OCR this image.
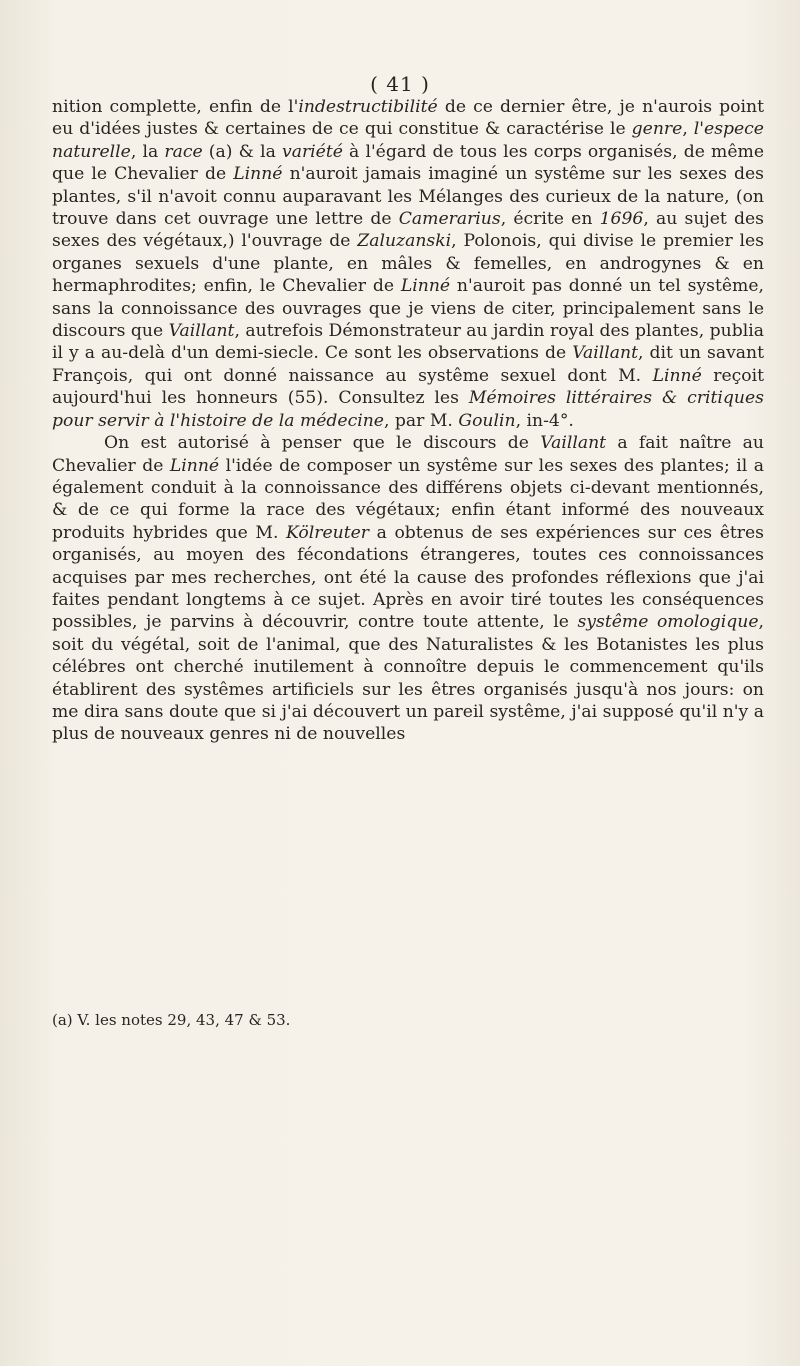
( 41 )

nition complette, enfin de l'indestructibilité de ce dernier être, je n'aurois point eu d'idées justes & certaines de ce qui constitue & caractérise le genre, l'espece naturelle, la race (a) & la variété à l'égard de tous les corps organisés, de même que le Chevalier de Linné n'auroit jamais imaginé un systême sur les sexes des plantes, s'il n'avoit connu auparavant les Mélanges des curieux de la nature, (on trouve dans cet ouvrage une lettre de Camerarius, écrite en 1696, au sujet des sexes des végétaux,) l'ouvrage de Zaluzanski, Polonois, qui divise le premier les organes sexuels d'une plante, en mâles & femelles, en androgynes & en hermaphrodites; enfin, le Chevalier de Linné n'auroit pas donné un tel systême, sans la connoissance des ouvrages que je viens de citer, principalement sans le discours que Vaillant, autrefois Démonstrateur au jardin royal des plantes, publia il y a au-delà d'un demi-siecle. Ce sont les observations de Vaillant, dit un savant François, qui ont donné naissance au systême sexuel dont M. Linné reçoit aujourd'hui les honneurs (55). Consultez les Mémoires littéraires & critiques pour servir à l'histoire de la médecine, par M. Goulin, in-4°.

On est autorisé à penser que le discours de Vaillant a fait naître au Chevalier de Linné l'idée de composer un systême sur les sexes des plantes; il a également conduit à la connoissance des différens objets ci-devant mentionnés, & de ce qui forme la race des végétaux; enfin étant informé des nouveaux produits hybrides que M. Kölreuter a obtenus de ses expériences sur ces êtres organisés, au moyen des fécondations étrangeres, toutes ces connoissances acquises par mes recherches, ont été la cause des profondes réflexions que j'ai faites pendant longtems à ce sujet. Après en avoir tiré toutes les conséquences possibles, je parvins à découvrir, contre toute attente, le systême omologique, soit du végétal, soit de l'animal, que des Naturalistes & les Botanistes les plus célébres ont cherché inutilement à connoître depuis le commencement qu'ils établirent des systêmes artificiels sur les êtres organisés jusqu'à nos jours: on me dira sans doute que si j'ai découvert un pareil systême, j'ai supposé qu'il n'y a plus de nouveaux genres ni de nouvelles

(a) V. les notes 29, 43, 47 & 53.
